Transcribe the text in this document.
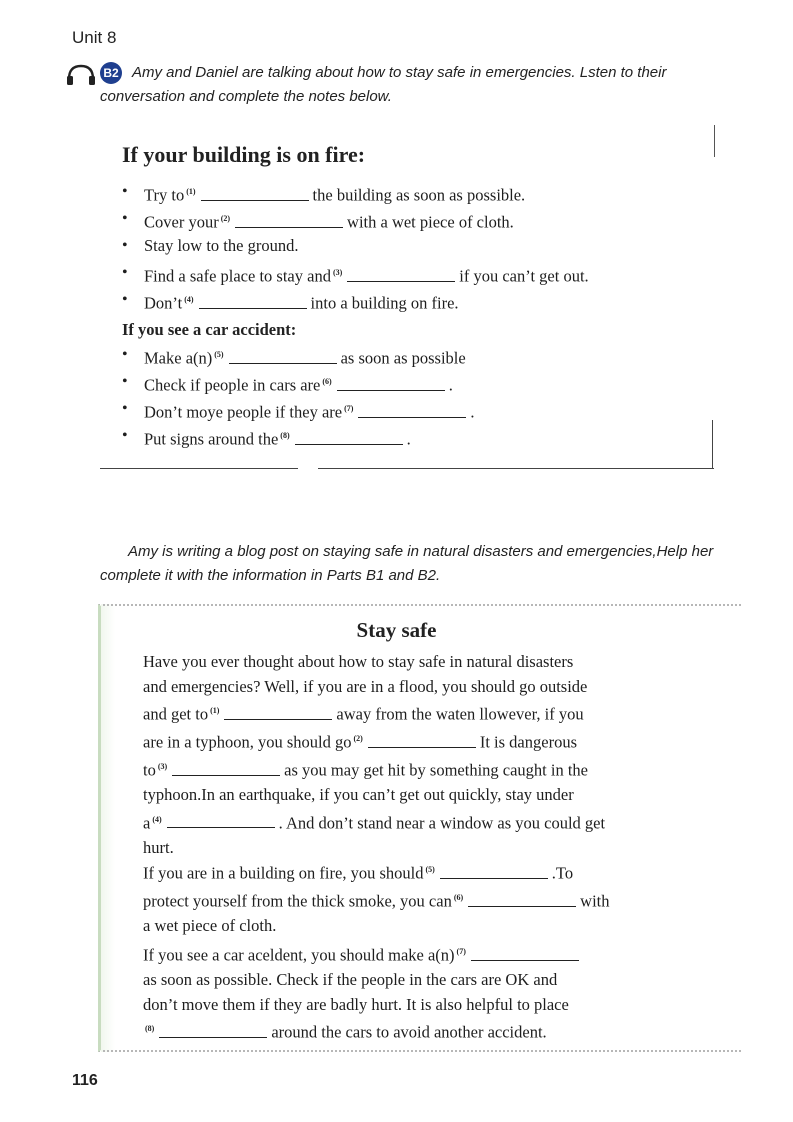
Unit 8
B2 Amy and Daniel are talking about how to stay safe in emergencies. Lsten to their
conversation and complete the notes below.
If your building is on fire:
• Try to $^{(1)}$	the building as soon as possible.
• Cover your $^{(2)}$	with a wet piece of cloth.
• Stay low to the ground.
• Find a safe place to stay and $^{(3)}$	if you can’t get out.
• Don’t $^{(4)}$	into a building on fire.
If you see a car accident:
• Make a(n) $^{(5)}$	as soon as possible
• Check if people in cars are $^{(6)}$	.
• Don’t moye people if they are $^{(7)}$	.
• Put signs around the $^{(8)}$	.
Amy is writing a blog post on staying safe in natural disasters and emergencies,Help her complete it with the information in Parts B1 and B2.
Stay safe
Have you ever thought about how to stay safe in natural disasters
and emergencies? Well, if you are in a flood, you should go outside
and get to $^{(1)}$	away from the waten llowever, if you
are in a typhoon, you should go $^{(2)}$	It is dangerous
to $^{(3)}$	as you may get hit by something caught in the
typhoon.In an earthquake, if you can’t get out quickly, stay under
a $^{(4)}$	. And don’t stand near a window as you could get
hurt.
If you are in a building on fire, you should $^{(5)}$	.To
protect yourself from the thick smoke, you can $^{(6)}$	with
a wet piece of cloth.
If you see a car aceldent, you should make a(n) $^{(7)}$
as soon as possible. Check if the people in the cars are OK and
don’t move them if they are badly hurt. It is also helpful to place
$^{(8)}$	around the cars to avoid another accident.
116
